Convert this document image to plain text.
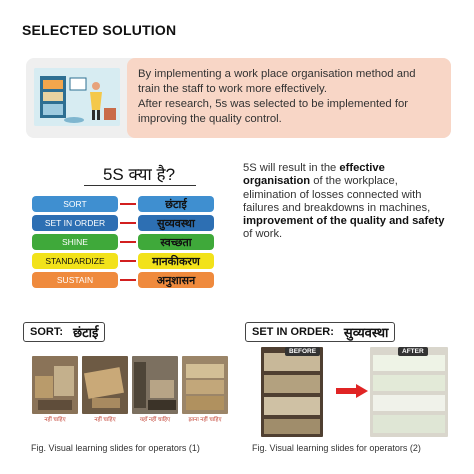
SELECTED SOLUTION
By implementing a work place organisation method and
train the staff to work more effectively.
After research, 5s was selected to be implemented for
improving the quality control.
5S क्या है?
SORT	छंटाई
SET IN ORDER	सुव्यवस्था
SHINE	स्वच्छता
STANDARDIZE	मानकीकरण
SUSTAIN	अनुशासन
5S will result in the effective organisation of the workplace, elimination of losses connected with failures and breakdowns in machines, improvement of the quality and safety of work.
SORT: छंटाई
नहीं चाहिए	नहीं चाहिए	यहाँ नहीं चाहिए	इतना नहीं चाहिए
Fig. Visual learning slides for operators (1)
SET IN ORDER: सुव्यवस्था
BEFORE	AFTER
Fig. Visual learning slides for operators (2)
